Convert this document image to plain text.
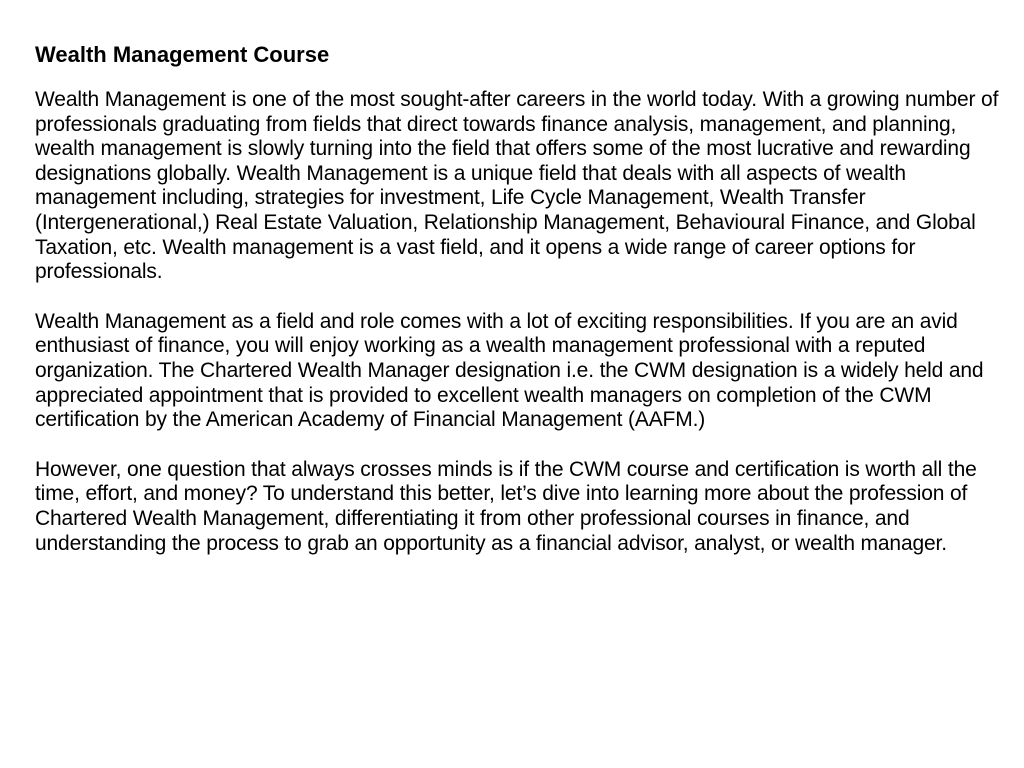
Wealth Management Course

Wealth Management is one of the most sought-after careers in the world today. With a growing number of professionals graduating from fields that direct towards finance analysis, management, and planning, wealth management is slowly turning into the field that offers some of the most lucrative and rewarding designations globally. Wealth Management is a unique field that deals with all aspects of wealth management including, strategies for investment, Life Cycle Management, Wealth Transfer (Intergenerational,) Real Estate Valuation, Relationship Management, Behavioural Finance, and Global Taxation, etc. Wealth management is a vast field, and it opens a wide range of career options for professionals.

Wealth Management as a field and role comes with a lot of exciting responsibilities. If you are an avid enthusiast of finance, you will enjoy working as a wealth management professional with a reputed organization. The Chartered Wealth Manager designation i.e. the CWM designation is a widely held and appreciated appointment that is provided to excellent wealth managers on completion of the CWM certification by the American Academy of Financial Management (AAFM.)

However, one question that always crosses minds is if the CWM course and certification is worth all the time, effort, and money? To understand this better, let’s dive into learning more about the profession of Chartered Wealth Management, differentiating it from other professional courses in finance, and understanding the process to grab an opportunity as a financial advisor, analyst, or wealth manager.
